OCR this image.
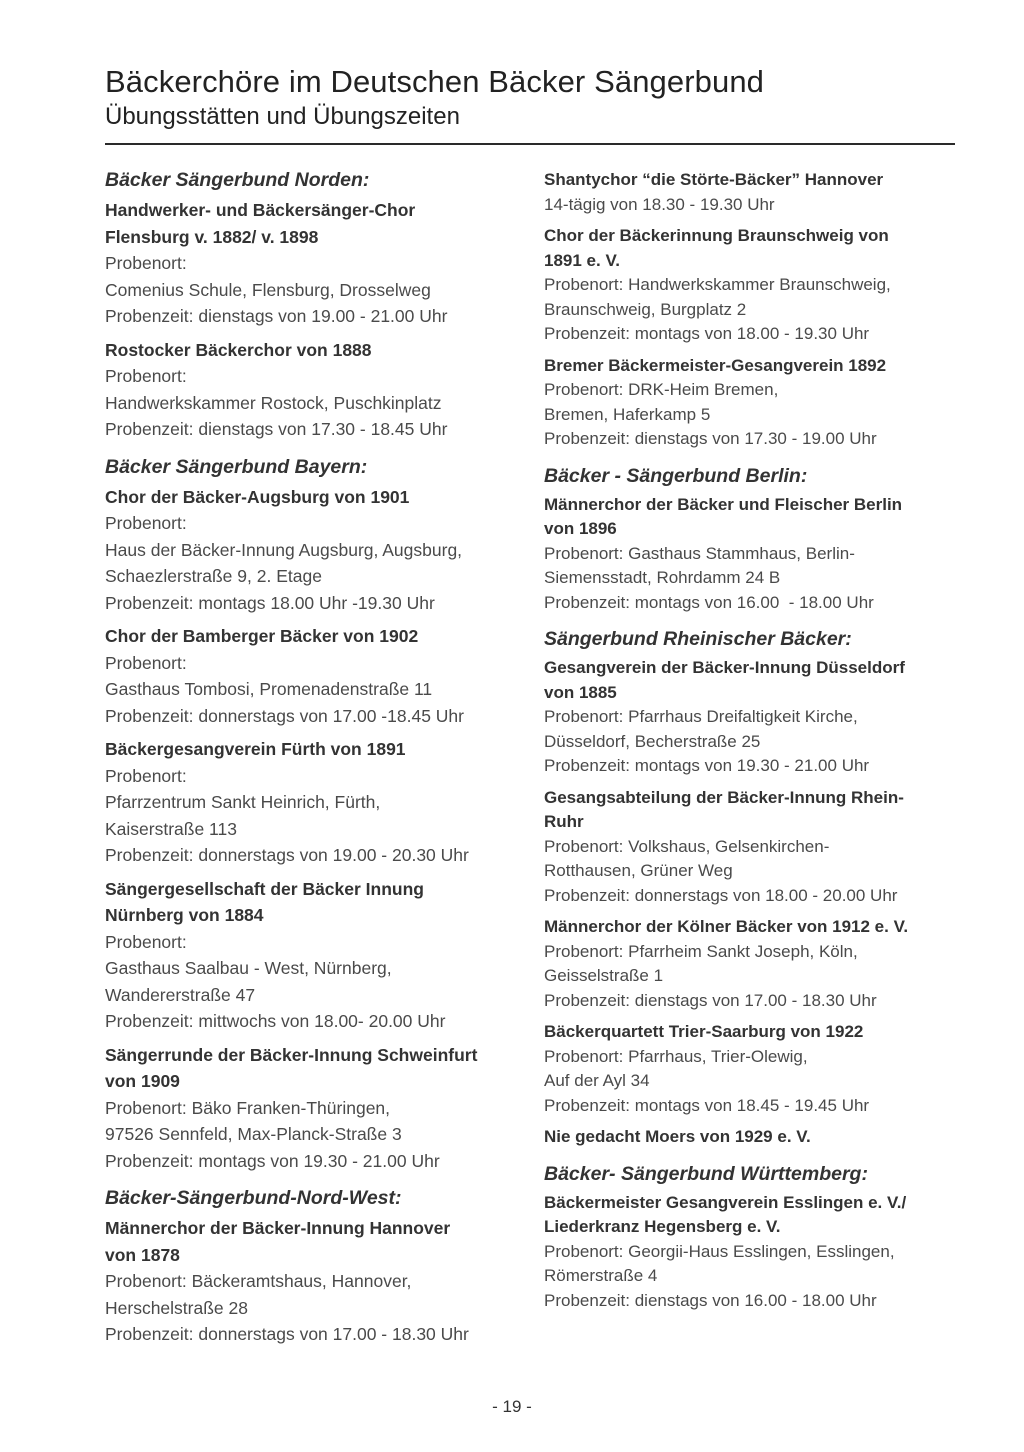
Bäckerchöre im Deutschen Bäcker Sängerbund
Übungsstätten und Übungszeiten
Bäcker Sängerbund Norden:
Handwerker- und Bäckersänger-Chor
Flensburg v. 1882/ v. 1898
Probenort:
Comenius Schule, Flensburg, Drosselweg
Probenzeit: dienstags von 19.00 - 21.00 Uhr
Rostocker Bäckerchor von 1888
Probenort:
Handwerkskammer Rostock, Puschkinplatz
Probenzeit: dienstags von 17.30 - 18.45 Uhr
Bäcker Sängerbund Bayern:
Chor der Bäcker-Augsburg von 1901
Probenort:
Haus der Bäcker-Innung Augsburg, Augsburg,
Schaezlerstraße 9, 2. Etage
Probenzeit: montags 18.00 Uhr -19.30 Uhr
Chor der Bamberger Bäcker von 1902
Probenort:
Gasthaus Tombosi, Promenadenstraße 11
Probenzeit: donnerstags von 17.00 -18.45 Uhr
Bäckergesangverein Fürth von 1891
Probenort:
Pfarrzentrum Sankt Heinrich, Fürth,
Kaiserstraße 113
Probenzeit: donnerstags von 19.00 - 20.30 Uhr
Sängergesellschaft der Bäcker Innung
Nürnberg von 1884
Probenort:
Gasthaus Saalbau - West, Nürnberg,
Wandererstraße 47
Probenzeit: mittwochs von 18.00- 20.00 Uhr
Sängerrunde der Bäcker-Innung Schweinfurt
von 1909
Probenort: Bäko Franken-Thüringen,
97526 Sennfeld, Max-Planck-Straße 3
Probenzeit: montags von 19.30 - 21.00 Uhr
Bäcker-Sängerbund-Nord-West:
Männerchor der Bäcker-Innung Hannover
von 1878
Probenort: Bäckeramtshaus, Hannover,
Herschelstraße 28
Probenzeit: donnerstags von 17.00 - 18.30 Uhr
Shantychor “die Störte-Bäcker” Hannover
14-tägig von 18.30 - 19.30 Uhr
Chor der Bäckerinnung Braunschweig von
1891 e. V.
Probenort: Handwerkskammer Braunschweig,
Braunschweig, Burgplatz 2
Probenzeit: montags von 18.00 - 19.30 Uhr
Bremer Bäckermeister-Gesangverein 1892
Probenort: DRK-Heim Bremen,
Bremen, Haferkamp 5
Probenzeit: dienstags von 17.30 - 19.00 Uhr
Bäcker - Sängerbund Berlin:
Männerchor der Bäcker und Fleischer Berlin
von 1896
Probenort: Gasthaus Stammhaus, Berlin-
Siemensstadt, Rohrdamm 24 B
Probenzeit: montags von 16.00  - 18.00 Uhr
Sängerbund Rheinischer Bäcker:
Gesangverein der Bäcker-Innung Düsseldorf
von 1885
Probenort: Pfarrhaus Dreifaltigkeit Kirche,
Düsseldorf, Becherstraße 25
Probenzeit: montags von 19.30 - 21.00 Uhr
Gesangsabteilung der Bäcker-Innung Rhein-
Ruhr
Probenort: Volkshaus, Gelsenkirchen-
Rotthausen, Grüner Weg
Probenzeit: donnerstags von 18.00 - 20.00 Uhr
Männerchor der Kölner Bäcker von 1912 e. V.
Probenort: Pfarrheim Sankt Joseph, Köln,
Geisselstraße 1
Probenzeit: dienstags von 17.00 - 18.30 Uhr
Bäckerquartett Trier-Saarburg von 1922
Probenort: Pfarrhaus, Trier-Olewig,
Auf der Ayl 34
Probenzeit: montags von 18.45 - 19.45 Uhr
Nie gedacht Moers von 1929 e. V.
Bäcker- Sängerbund Württemberg:
Bäckermeister Gesangverein Esslingen e. V./
Liederkranz Hegensberg e. V.
Probenort: Georgii-Haus Esslingen, Esslingen,
Römerstraße 4
Probenzeit: dienstags von 16.00 - 18.00 Uhr
- 19 -
